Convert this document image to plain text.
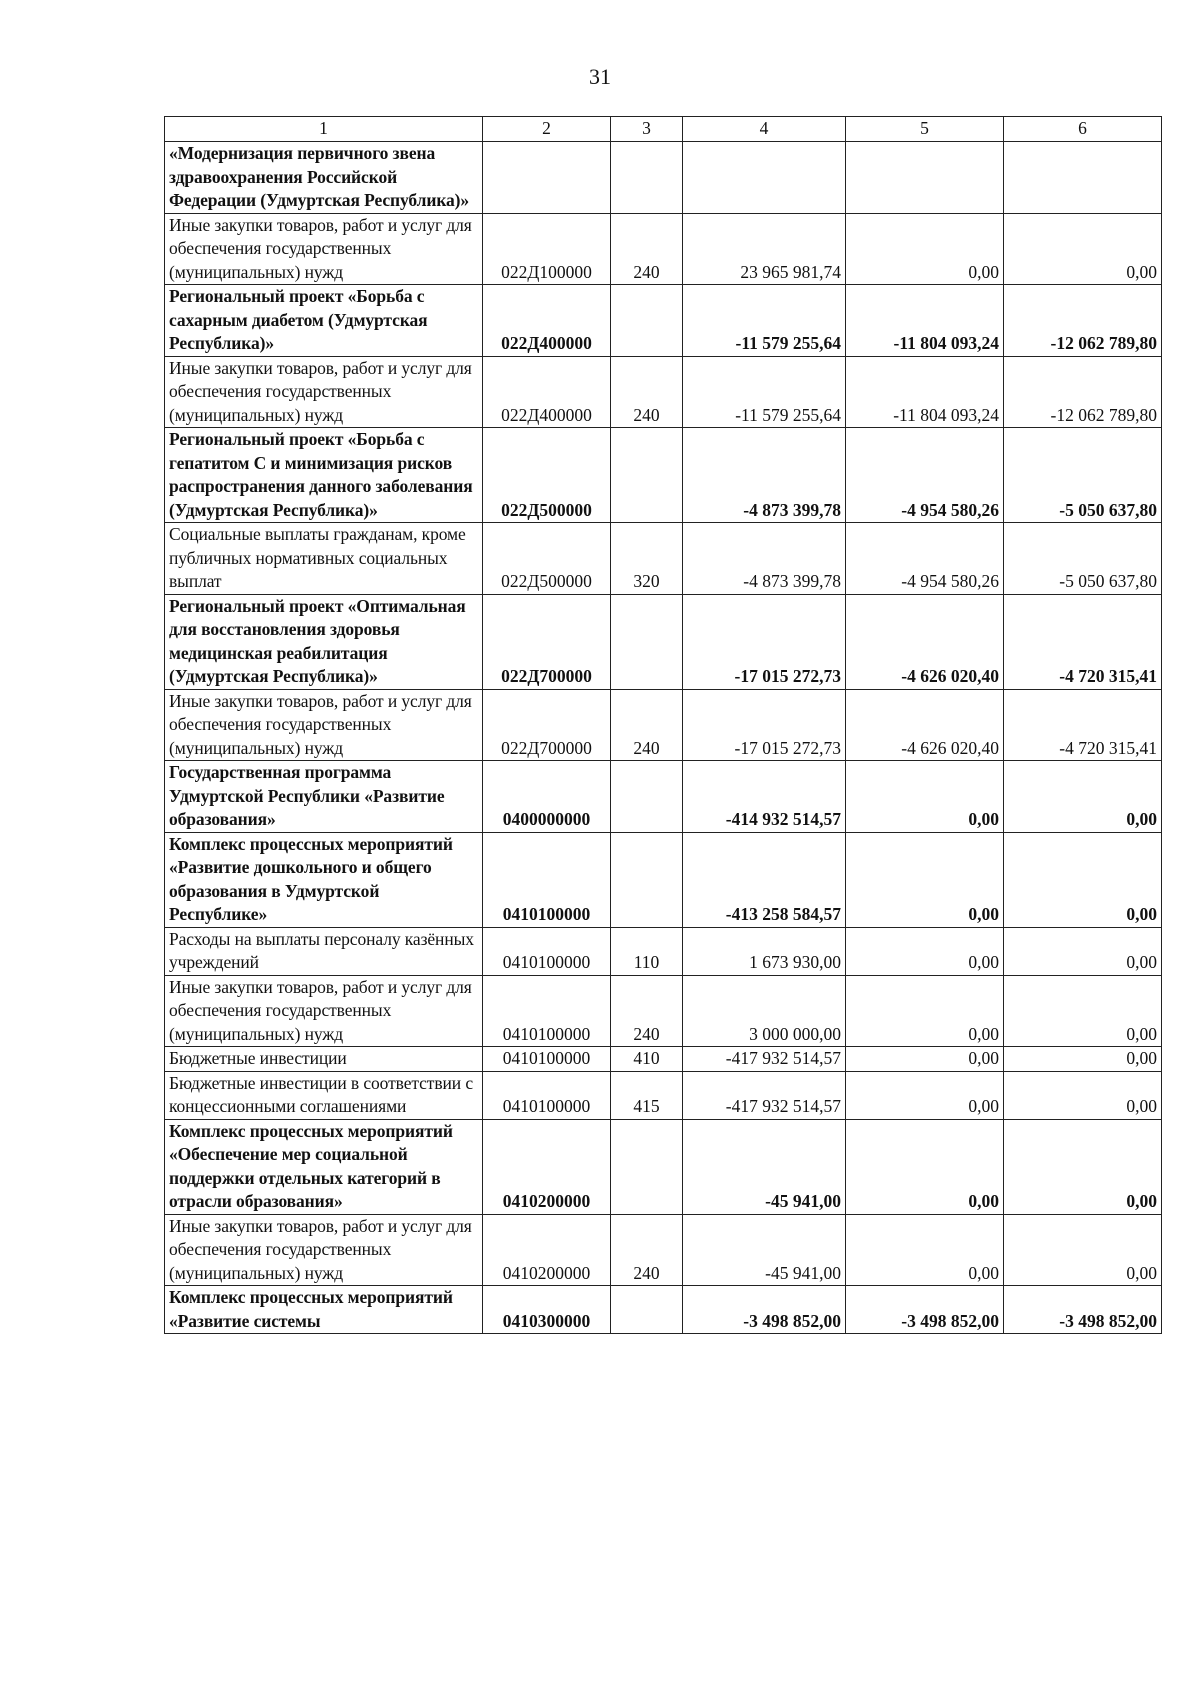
31
1	2	3	4	5	6
«Модернизация первичного звена здравоохранения Российской Федерации (Удмуртская Республика)»					
Иные закупки товаров, работ и услуг для обеспечения государственных (муниципальных) нужд	022Д100000	240	23 965 981,74	0,00	0,00
Региональный проект «Борьба с сахарным диабетом (Удмуртская Республика)»	022Д400000		-11 579 255,64	-11 804 093,24	-12 062 789,80
Иные закупки товаров, работ и услуг для обеспечения государственных (муниципальных) нужд	022Д400000	240	-11 579 255,64	-11 804 093,24	-12 062 789,80
Региональный проект «Борьба с гепатитом С и минимизация рисков распространения данного заболевания (Удмуртская Республика)»	022Д500000		-4 873 399,78	-4 954 580,26	-5 050 637,80
Социальные выплаты гражданам, кроме публичных нормативных социальных выплат	022Д500000	320	-4 873 399,78	-4 954 580,26	-5 050 637,80
Региональный проект «Оптимальная для восстановления здоровья медицинская реабилитация (Удмуртская Республика)»	022Д700000		-17 015 272,73	-4 626 020,40	-4 720 315,41
Иные закупки товаров, работ и услуг для обеспечения государственных (муниципальных) нужд	022Д700000	240	-17 015 272,73	-4 626 020,40	-4 720 315,41
Государственная программа Удмуртской Республики «Развитие образования»	0400000000		-414 932 514,57	0,00	0,00
Комплекс процессных мероприятий «Развитие дошкольного и общего образования в Удмуртской Республике»	0410100000		-413 258 584,57	0,00	0,00
Расходы на выплаты персоналу казённых учреждений	0410100000	110	1 673 930,00	0,00	0,00
Иные закупки товаров, работ и услуг для обеспечения государственных (муниципальных) нужд	0410100000	240	3 000 000,00	0,00	0,00
Бюджетные инвестиции	0410100000	410	-417 932 514,57	0,00	0,00
Бюджетные инвестиции в соответствии с концессионными соглашениями	0410100000	415	-417 932 514,57	0,00	0,00
Комплекс процессных мероприятий «Обеспечение мер социальной поддержки отдельных категорий в отрасли образования»	0410200000		-45 941,00	0,00	0,00
Иные закупки товаров, работ и услуг для обеспечения государственных (муниципальных) нужд	0410200000	240	-45 941,00	0,00	0,00
Комплекс процессных мероприятий «Развитие системы	0410300000		-3 498 852,00	-3 498 852,00	-3 498 852,00
